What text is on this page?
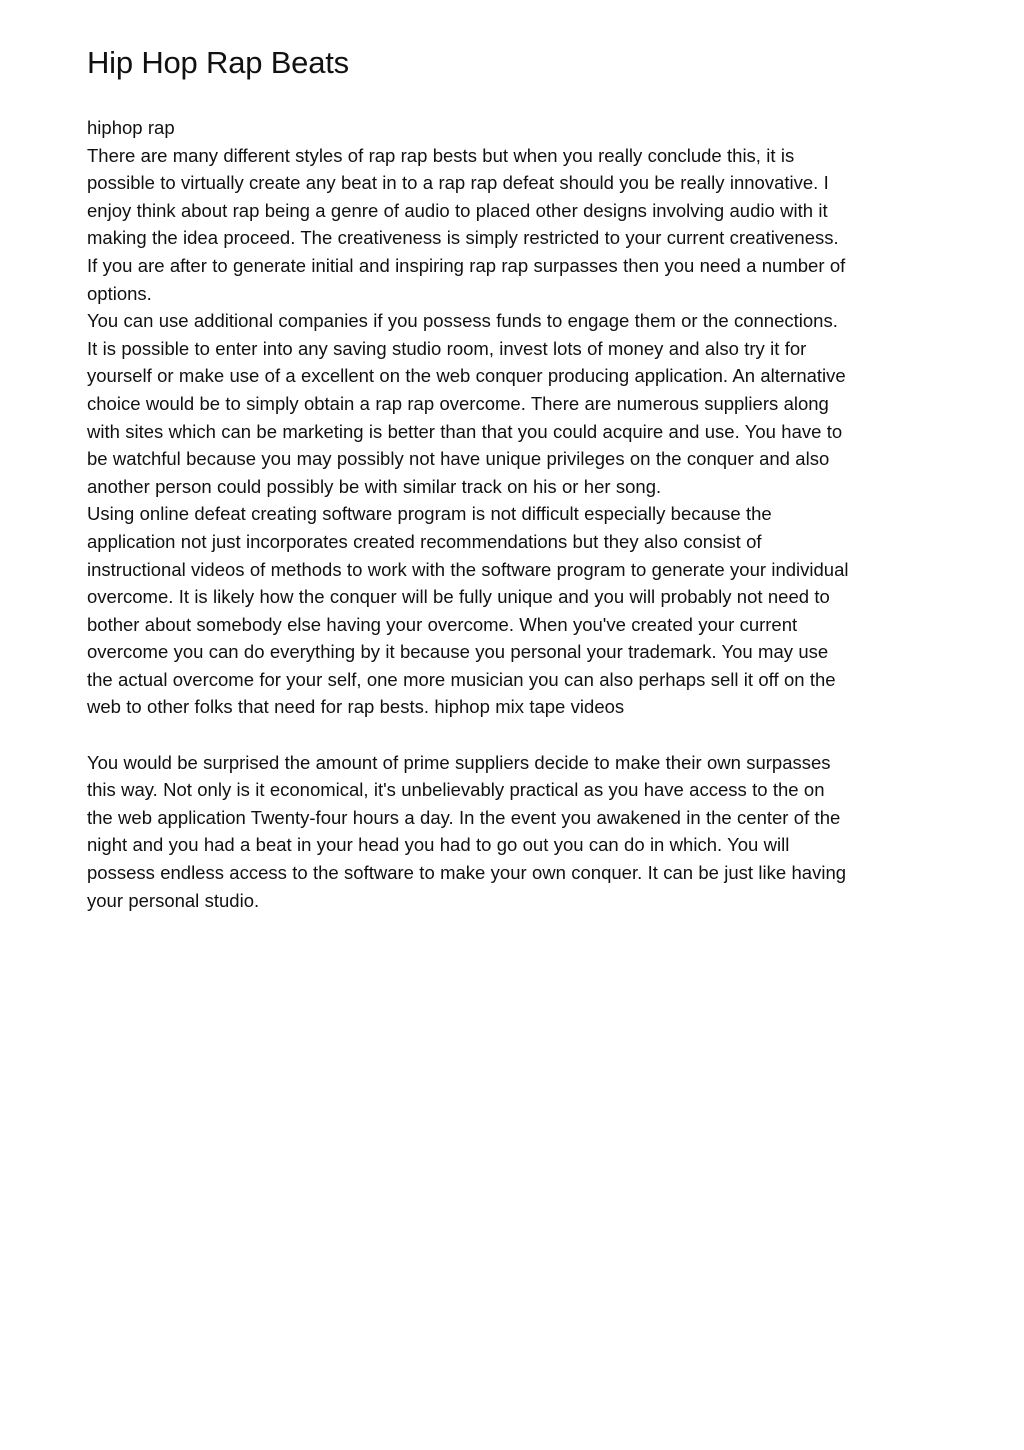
Hip Hop Rap Beats
hiphop rap
There are many different styles of rap rap bests but when you really conclude this, it is
possible to virtually create any beat in to a rap rap defeat should you be really innovative. I
enjoy think about rap being a genre of audio to placed other designs involving audio with it
making the idea proceed. The creativeness is simply restricted to your current creativeness.
If you are after to generate initial and inspiring rap rap surpasses then you need a number of
options.
You can use additional companies if you possess funds to engage them or the connections.
It is possible to enter into any saving studio room, invest lots of money and also try it for
yourself or make use of a excellent on the web conquer producing application. An alternative
choice would be to simply obtain a rap rap overcome. There are numerous suppliers along
with sites which can be marketing is better than that you could acquire and use. You have to
be watchful because you may possibly not have unique privileges on the conquer and also
another person could possibly be with similar track on his or her song.
Using online defeat creating software program is not difficult especially because the
application not just incorporates created recommendations but they also consist of
instructional videos of methods to work with the software program to generate your individual
overcome. It is likely how the conquer will be fully unique and you will probably not need to
bother about somebody else having your overcome. When you've created your current
overcome you can do everything by it because you personal your trademark. You may use
the actual overcome for your self, one more musician you can also perhaps sell it off on the
web to other folks that need for rap bests. hiphop mix tape videos
You would be surprised the amount of prime suppliers decide to make their own surpasses
this way. Not only is it economical, it's unbelievably practical as you have access to the on
the web application Twenty-four hours a day. In the event you awakened in the center of the
night and you had a beat in your head you had to go out you can do in which. You will
possess endless access to the software to make your own conquer. It can be just like having
your personal studio.
